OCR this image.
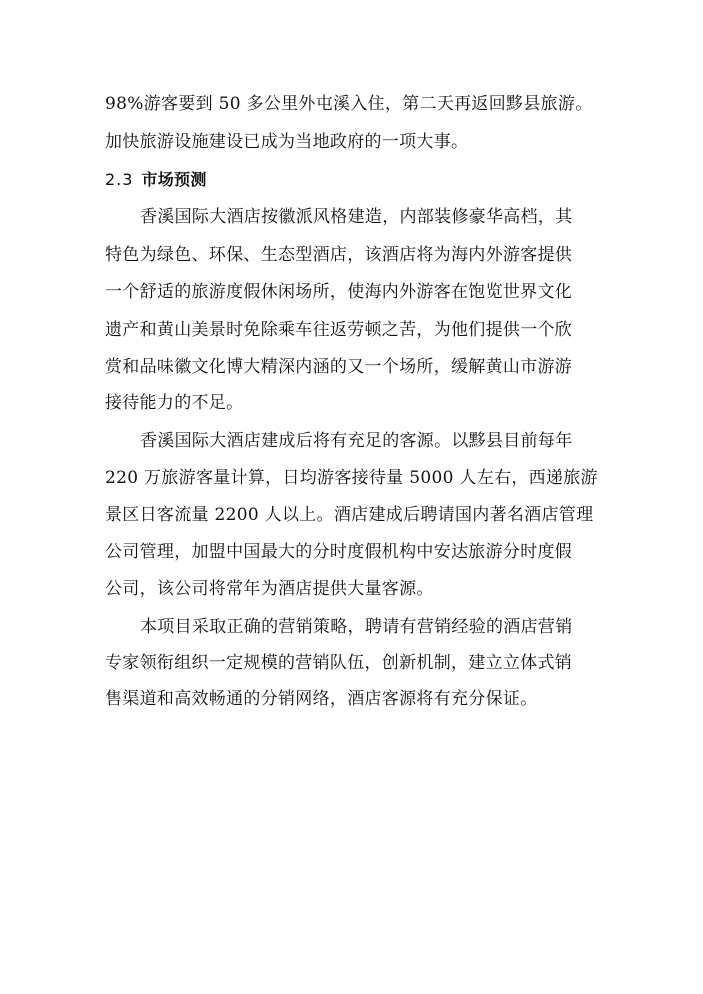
98%游客要到 50 多公里外屯溪入住，第二天再返回黟县旅游。
加快旅游设施建设已成为当地政府的一项大事。
2.3 市场预测
香溪国际大酒店按徽派风格建造，内部装修豪华高档，其
特色为绿色、环保、生态型酒店，该酒店将为海内外游客提供
一个舒适的旅游度假休闲场所，使海内外游客在饱览世界文化
遗产和黄山美景时免除乘车往返劳顿之苦，为他们提供一个欣
赏和品味徽文化博大精深内涵的又一个场所，缓解黄山市游游
接待能力的不足。
香溪国际大酒店建成后将有充足的客源。以黟县目前每年
220 万旅游客量计算，日均游客接待量 5000 人左右，西递旅游
景区日客流量 2200 人以上。酒店建成后聘请国内著名酒店管理
公司管理，加盟中国最大的分时度假机构中安达旅游分时度假
公司，该公司将常年为酒店提供大量客源。
本项目采取正确的营销策略，聘请有营销经验的酒店营销
专家领衔组织一定规模的营销队伍，创新机制，建立立体式销
售渠道和高效畅通的分销网络，酒店客源将有充分保证。
